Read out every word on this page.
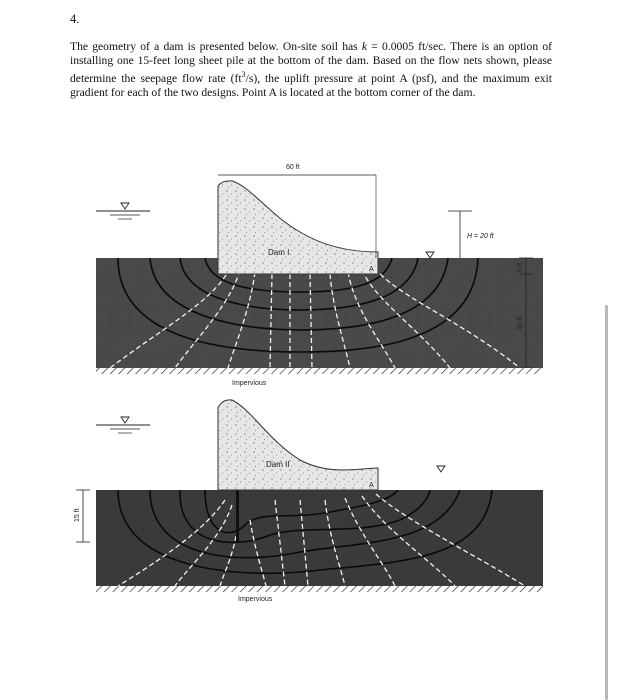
4.
The geometry of a dam is presented below. On-site soil has k = 0.0005 ft/sec. There is an option of installing one 15-feet long sheet pile at the bottom of the dam. Based on the flow nets shown, please determine the seepage flow rate $(ft^3/s)$, the uplift pressure at point A (psf), and the maximum exit gradient for each of the two designs. Point A is located at the bottom corner of the dam.
Dam I
A
60 ft
H = 20 ft
5 ft
35 ft
Impervious
Dam II
A
15 ft
Impervious
